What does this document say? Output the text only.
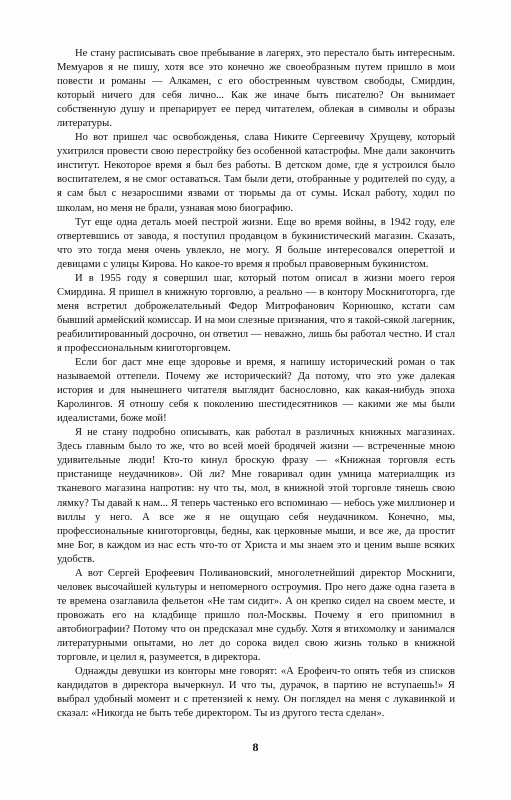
Не стану расписывать свое пребывание в лагерях, это перестало быть интересным. Мемуаров я не пишу, хотя все это конечно же своеобразным путем пришло в мои повести и романы — Алкамен, с его обостренным чувством свободы, Смирдин, который ничего для себя лично... Как же иначе быть писателю? Он вынимает собственную душу и препарирует ее перед читателем, облекая в символы и образы литературы.

Но вот пришел час освобожденья, слава Никите Сергеевичу Хрущеву, который ухитрился провести свою перестройку без особенной катастрофы. Мне дали закончить институт. Некоторое время я был без работы. В детском доме, где я устроился было воспитателем, я не смог оставаться. Там были дети, отобранные у родителей по суду, а я сам был с незаросшими язвами от тюрьмы да от сумы. Искал работу, ходил по школам, но меня не брали, узнавая мою биографию.

Тут еще одна деталь моей пестрой жизни. Еще во время войны, в 1942 году, еле отвертевшись от завода, я поступил продавцом в букинистический магазин. Сказать, что это тогда меня очень увлекло, не могу. Я больше интересовался опереттой и девицами с улицы Кирова. Но какое-то время я пробыл правоверным букинистом.

И в 1955 году я совершил шаг, который потом описал в жизни моего героя Смирдина. Я пришел в книжную торговлю, а реально — в контору Москниготорга, где меня встретил доброжелательный Федор Митрофанович Корнюшко, кстати сам бывший армейский комиссар. И на мои слезные признания, что я такой-сякой лагерник, реабилитированный досрочно, он ответил — неважно, лишь бы работал честно. И стал я профессиональным книготорговцем.

Если бог даст мне еще здоровье и время, я напишу исторический роман о так называемой оттепели. Почему же исторический? Да потому, что это уже далекая история и для нынешнего читателя выглядит баснословно, как какая-нибудь эпоха Каролингов. Я отношу себя к поколению шестидесятников — какими же мы были идеалистами, боже мой!

Я не стану подробно описывать, как работал в различных книжных магазинах. Здесь главным было то же, что во всей моей бродячей жизни — встреченные мною удивительные люди! Кто-то кинул броскую фразу — «Книжная торговля есть пристанище неудачников». Ой ли? Мне говаривал один умница материалщик из тканевого магазина напротив: ну что ты, мол, в книжной этой торговле тянешь свою лямку? Ты давай к нам... Я теперь частенько его вспоминаю — небось уже миллионер и виллы у него. А все же я не ощущаю себя неудачником. Конечно, мы, профессиональные книготорговцы, бедны, как церковные мыши, и все же, да простит мне Бог, в каждом из нас есть что-то от Христа и мы знаем это и ценим выше всяких удобств.

А вот Сергей Ерофеевич Поливановский, многолетнейший директор Москниги, человек высочайшей культуры и непомерного остроумия. Про него даже одна газета в те времена озаглавила фельетон «Не там сидит». А он крепко сидел на своем месте, и провожать его на кладбище пришло пол-Москвы. Почему я его припомнил в автобиографии? Потому что он предсказал мне судьбу. Хотя я втихомолку и занимался литературными опытами, но лет до сорока видел свою жизнь только в книжной торговле, и целил я, разумеется, в директора.

Однажды девушки из конторы мне говорят: «А Ерофеич-то опять тебя из списков кандидатов в директора вычеркнул. И что ты, дурачок, в партию не вступаешь!» Я выбрал удобный момент и с претензией к нему. Он поглядел на меня с лукавинкой и сказал: «Никогда не быть тебе директором. Ты из другого теста сделан».

8
